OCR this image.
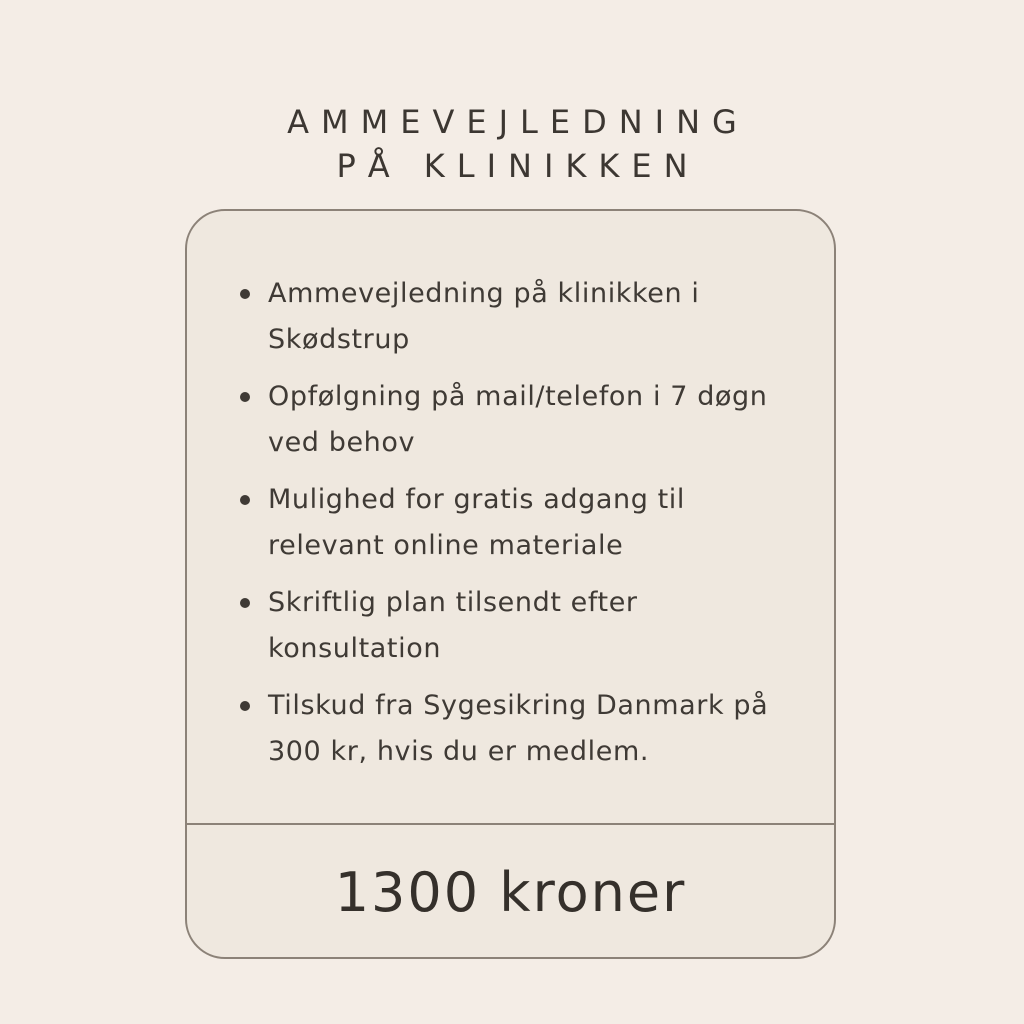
AMMEVEJLEDNING
PÅ KLINIKKEN
Ammevejledning på klinikken i Skødstrup
Opfølgning på mail/telefon i 7 døgn ved behov
Mulighed for gratis adgang til relevant online materiale
Skriftlig plan tilsendt efter konsultation
Tilskud fra Sygesikring Danmark på 300 kr, hvis du er medlem.
1300 kroner
